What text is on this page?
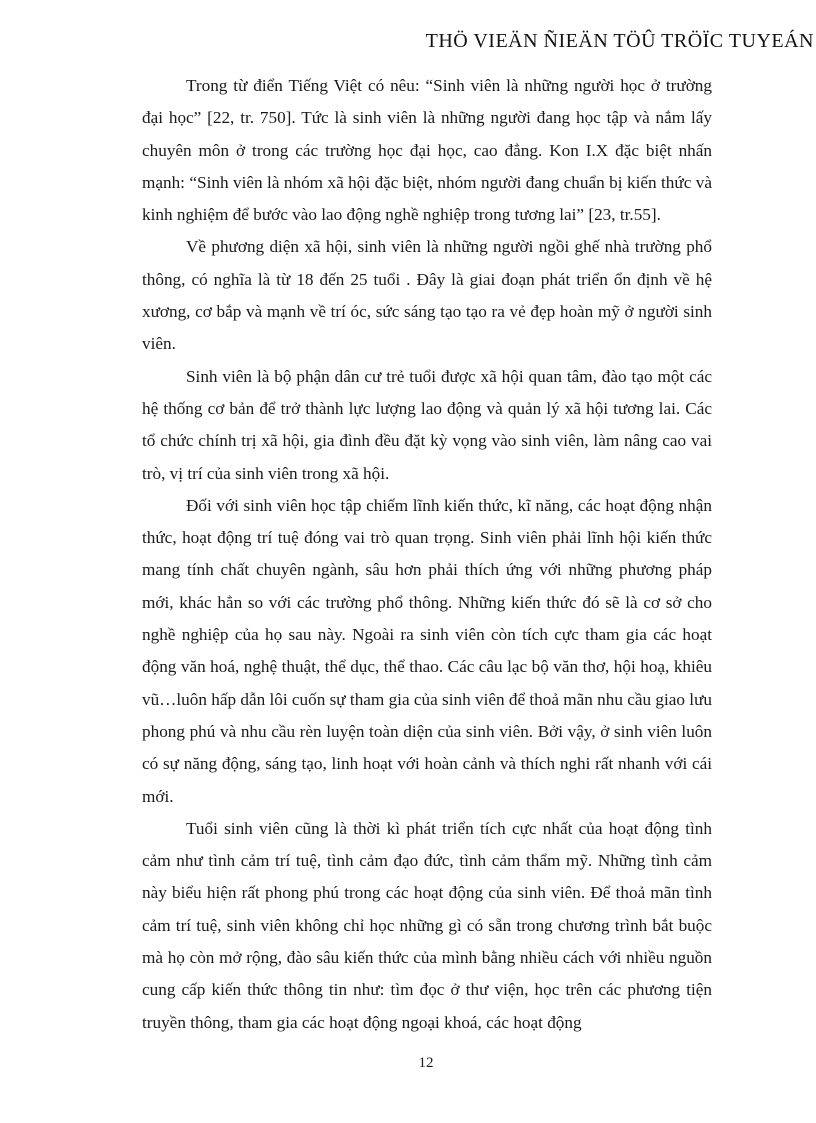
THÖ VIEÄN ÑIEÄN TÖÛ TRÖÏC TUYEÁN

Trong từ điển Tiếng Việt có nêu: “Sinh viên là những người học ở trường đại học” [22, tr. 750]. Tức là sinh viên là những người đang học tập và nắm lấy chuyên môn ở trong các trường học đại học, cao đẳng. Kon I.X đặc biệt nhấn mạnh: “Sinh viên là nhóm xã hội đặc biệt, nhóm người đang chuẩn bị kiến thức và kinh nghiệm để bước vào lao động nghề nghiệp trong tương lai” [23, tr.55].

Về phương diện xã hội, sinh viên là những người ngồi ghế nhà trường phổ thông, có nghĩa là từ 18 đến 25 tuổi . Đây là giai đoạn phát triển ổn định về hệ xương, cơ bắp và mạnh về trí óc, sức sáng tạo tạo ra vẻ đẹp hoàn mỹ ở người sinh viên.

Sinh viên là bộ phận dân cư trẻ tuổi được xã hội quan tâm, đào tạo một các hệ thống cơ bản để trở thành lực lượng lao động và quản lý xã hội tương lai. Các tổ chức chính trị xã hội, gia đình đều đặt kỳ vọng vào sinh viên, làm nâng cao vai trò, vị trí của sinh viên trong xã hội.

Đối với sinh viên học tập chiếm lĩnh kiến thức, kĩ năng, các hoạt động nhận thức, hoạt động trí tuệ đóng vai trò quan trọng. Sinh viên phải lĩnh hội kiến thức mang tính chất chuyên ngành, sâu hơn phải thích ứng với những phương pháp mới, khác hẳn so với các trường phổ thông. Những kiến thức đó sẽ là cơ sở cho nghề nghiệp của họ sau này. Ngoài ra sinh viên còn tích cực tham gia các hoạt động văn hoá, nghệ thuật, thể dục, thể thao. Các câu lạc bộ văn thơ, hội hoạ, khiêu vũ…luôn hấp dẫn lôi cuốn sự tham gia của sinh viên để thoả mãn nhu cầu giao lưu phong phú và nhu cầu rèn luyện toàn diện của sinh viên. Bởi vậy, ở sinh viên luôn có sự năng động, sáng tạo, linh hoạt với hoàn cảnh và thích nghi rất nhanh với cái mới.

Tuổi sinh viên cũng là thời kì phát triển tích cực nhất của hoạt động tình cảm như tình cảm trí tuệ, tình cảm đạo đức, tình cảm thẩm mỹ. Những tình cảm này biểu hiện rất phong phú trong các hoạt động của sinh viên. Để thoả mãn tình cảm trí tuệ, sinh viên không chỉ học những gì có sẵn trong chương trình bắt buộc mà họ còn mở rộng, đào sâu kiến thức của mình bằng nhiều cách với nhiều nguồn cung cấp kiến thức thông tin như: tìm đọc ở thư viện, học trên các phương tiện truyền thông, tham gia các hoạt động ngoại khoá, các hoạt động

12
